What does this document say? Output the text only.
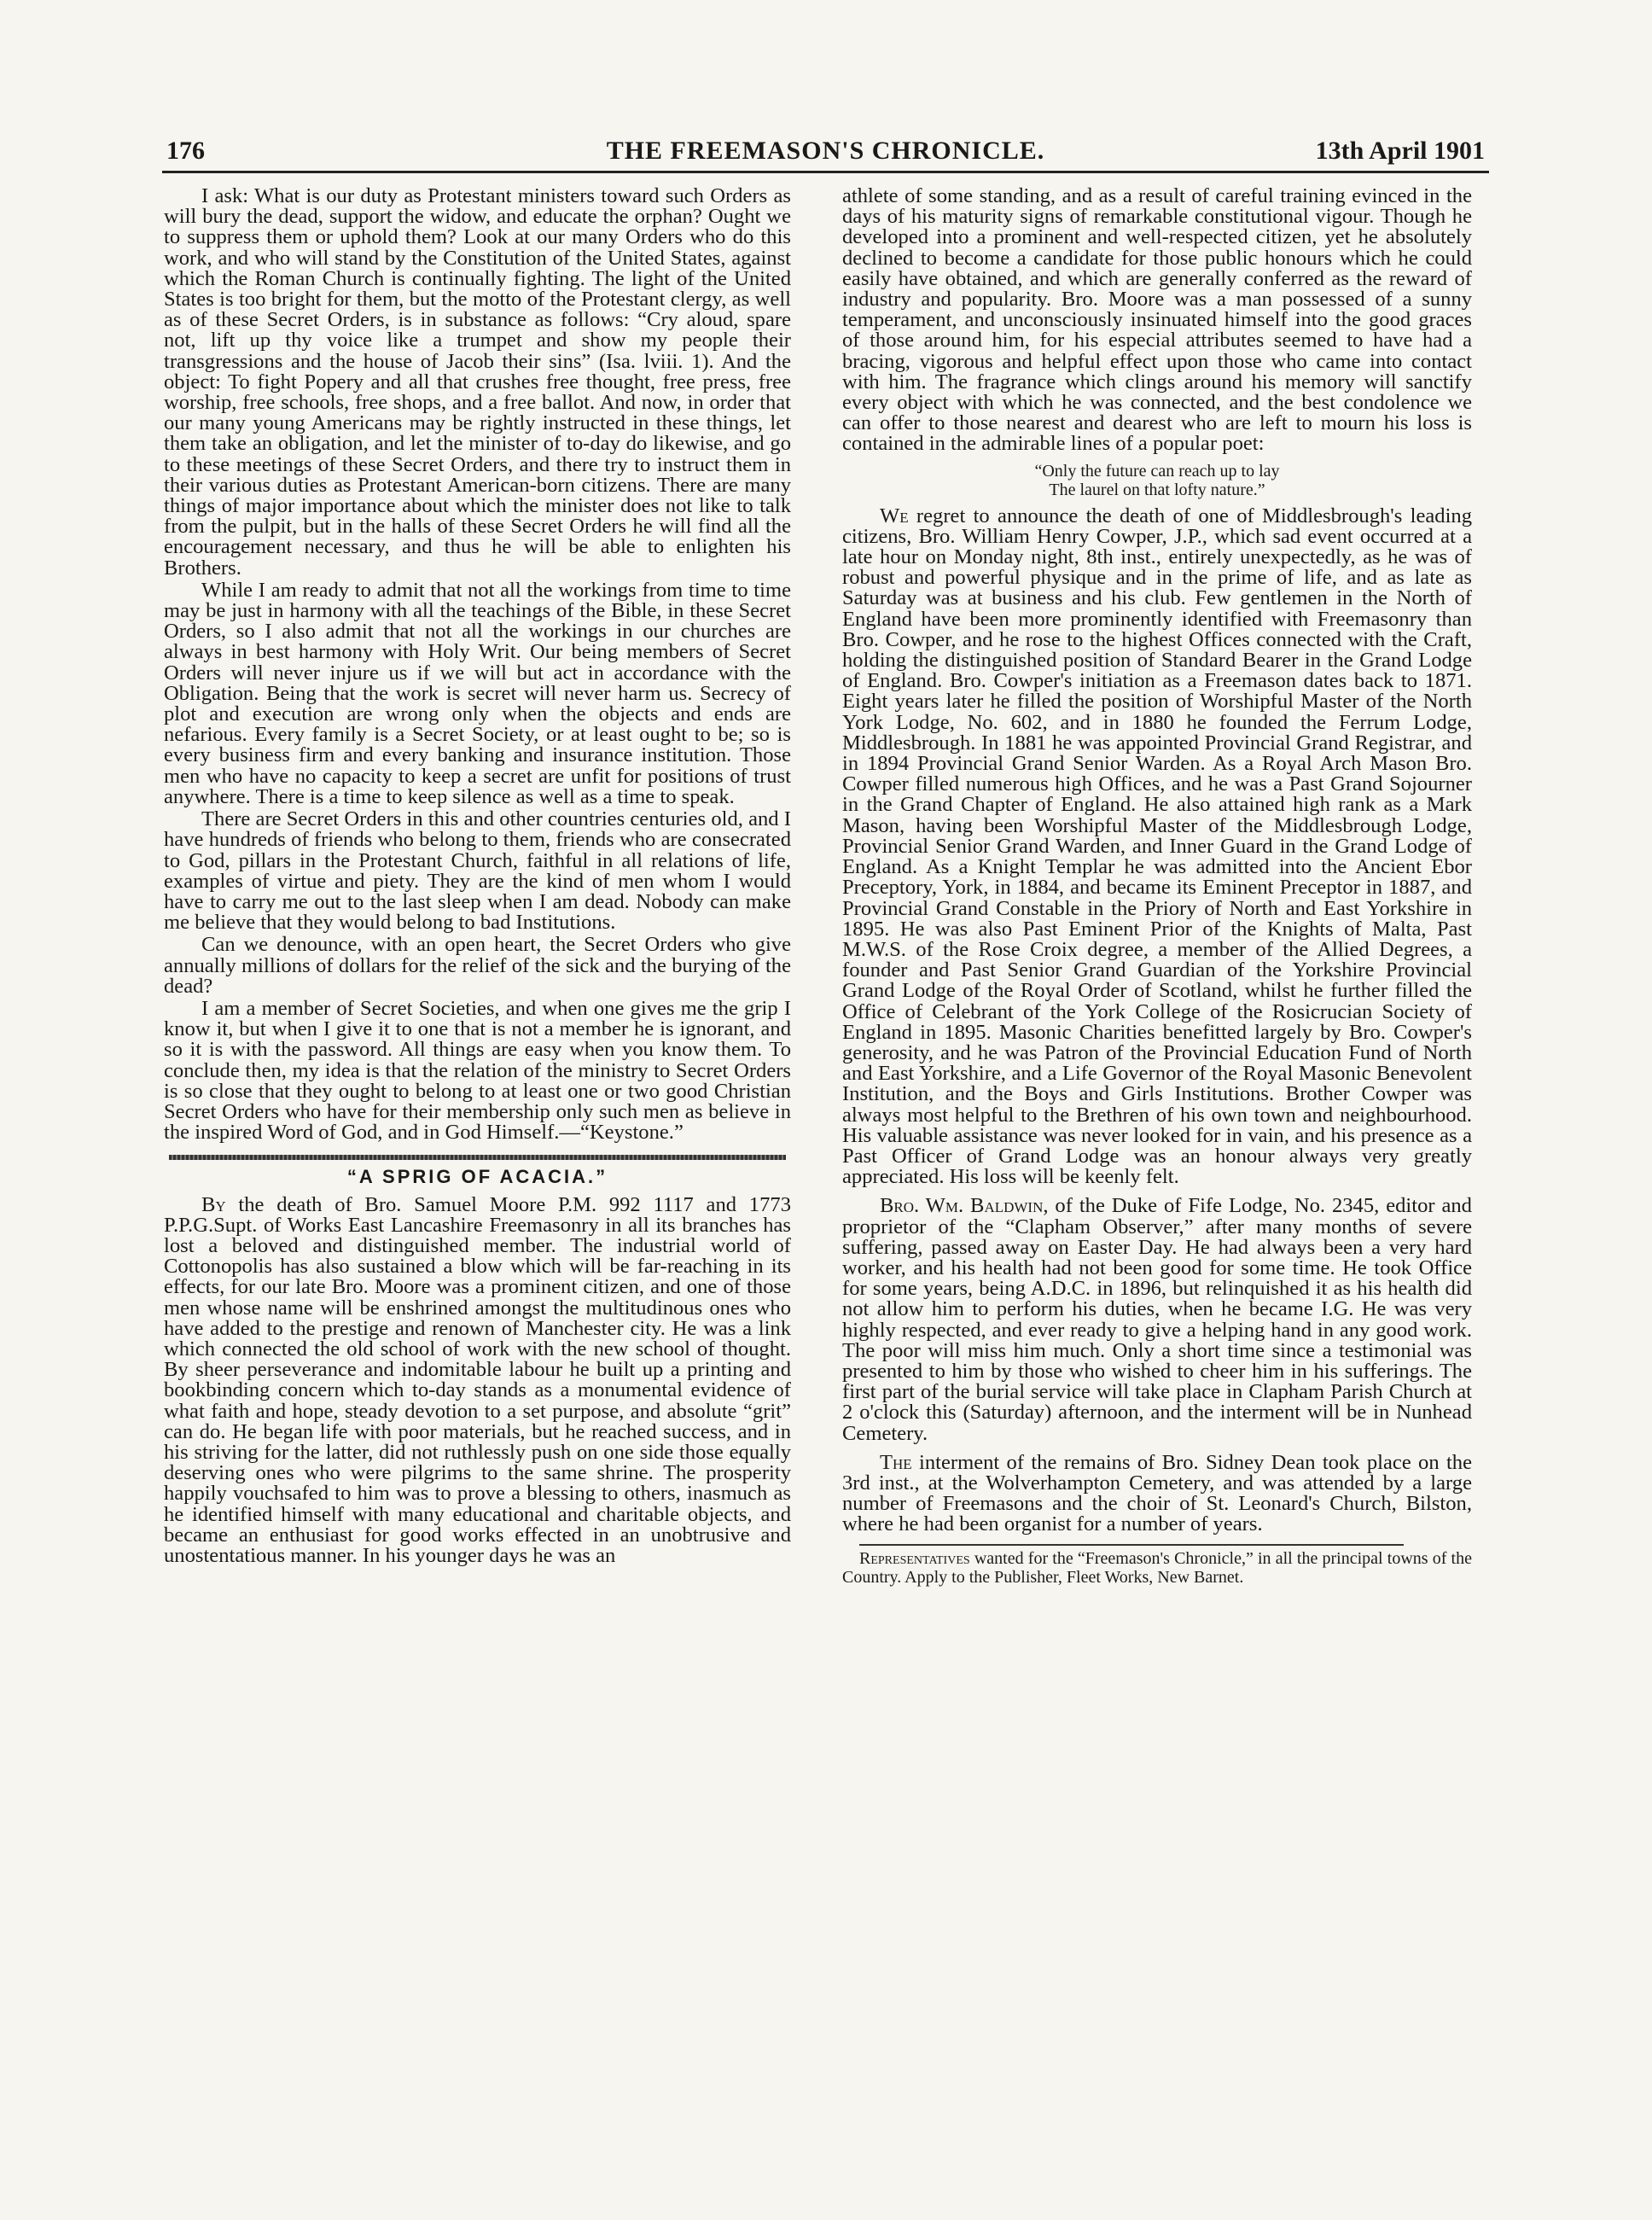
176	THE FREEMASON'S CHRONICLE.	13th April 1901

I ask: What is our duty as Protestant ministers toward such Orders as will bury the dead, support the widow, and educate the orphan? Ought we to suppress them or uphold them? Look at our many Orders who do this work, and who will stand by the Constitution of the United States, against which the Roman Church is continually fighting. The light of the United States is too bright for them, but the motto of the Protestant clergy, as well as of these Secret Orders, is in substance as follows: “Cry aloud, spare not, lift up thy voice like a trumpet and show my people their transgressions and the house of Jacob their sins” (Isa. lviii. 1). And the object: To fight Popery and all that crushes free thought, free press, free worship, free schools, free shops, and a free ballot. And now, in order that our many young Americans may be rightly instructed in these things, let them take an obligation, and let the minister of to-day do likewise, and go to these meetings of these Secret Orders, and there try to instruct them in their various duties as Protestant American-born citizens. There are many things of major importance about which the minister does not like to talk from the pulpit, but in the halls of these Secret Orders he will find all the encouragement necessary, and thus he will be able to enlighten his Brothers.

While I am ready to admit that not all the workings from time to time may be just in harmony with all the teachings of the Bible, in these Secret Orders, so I also admit that not all the workings in our churches are always in best harmony with Holy Writ. Our being members of Secret Orders will never injure us if we will but act in accordance with the Obligation. Being that the work is secret will never harm us. Secrecy of plot and execution are wrong only when the objects and ends are nefarious. Every family is a Secret Society, or at least ought to be; so is every business firm and every banking and insurance institution. Those men who have no capacity to keep a secret are unfit for positions of trust anywhere. There is a time to keep silence as well as a time to speak.

There are Secret Orders in this and other countries centuries old, and I have hundreds of friends who belong to them, friends who are consecrated to God, pillars in the Protestant Church, faithful in all relations of life, examples of virtue and piety. They are the kind of men whom I would have to carry me out to the last sleep when I am dead. Nobody can make me believe that they would belong to bad Institutions.

Can we denounce, with an open heart, the Secret Orders who give annually millions of dollars for the relief of the sick and the burying of the dead?

I am a member of Secret Societies, and when one gives me the grip I know it, but when I give it to one that is not a member he is ignorant, and so it is with the password. All things are easy when you know them. To conclude then, my idea is that the relation of the ministry to Secret Orders is so close that they ought to belong to at least one or two good Christian Secret Orders who have for their membership only such men as believe in the inspired Word of God, and in God Himself.—“Keystone.”

“A SPRIG OF ACACIA.”

By the death of Bro. Samuel Moore P.M. 992 1117 and 1773 P.P.G.Supt. of Works East Lancashire Freemasonry in all its branches has lost a beloved and distinguished member. The industrial world of Cottonopolis has also sustained a blow which will be far-reaching in its effects, for our late Bro. Moore was a prominent citizen, and one of those men whose name will be enshrined amongst the multitudinous ones who have added to the prestige and renown of Manchester city. He was a link which connected the old school of work with the new school of thought. By sheer perseverance and indomitable labour he built up a printing and bookbinding concern which to-day stands as a monumental evidence of what faith and hope, steady devotion to a set purpose, and absolute “grit” can do. He began life with poor materials, but he reached success, and in his striving for the latter, did not ruthlessly push on one side those equally deserving ones who were pilgrims to the same shrine. The prosperity happily vouchsafed to him was to prove a blessing to others, inasmuch as he identified himself with many educational and charitable objects, and became an enthusiast for good works effected in an unobtrusive and unostentatious manner. In his younger days he was an

athlete of some standing, and as a result of careful training evinced in the days of his maturity signs of remarkable constitutional vigour. Though he developed into a prominent and well-respected citizen, yet he absolutely declined to become a candidate for those public honours which he could easily have obtained, and which are generally conferred as the reward of industry and popularity. Bro. Moore was a man possessed of a sunny temperament, and unconsciously insinuated himself into the good graces of those around him, for his especial attributes seemed to have had a bracing, vigorous and helpful effect upon those who came into contact with him. The fragrance which clings around his memory will sanctify every object with which he was connected, and the best condolence we can offer to those nearest and dearest who are left to mourn his loss is contained in the admirable lines of a popular poet:

“Only the future can reach up to lay
The laurel on that lofty nature.”

We regret to announce the death of one of Middlesbrough's leading citizens, Bro. William Henry Cowper, J.P., which sad event occurred at a late hour on Monday night, 8th inst., entirely unexpectedly, as he was of robust and powerful physique and in the prime of life, and as late as Saturday was at business and his club. Few gentlemen in the North of England have been more prominently identified with Freemasonry than Bro. Cowper, and he rose to the highest Offices connected with the Craft, holding the distinguished position of Standard Bearer in the Grand Lodge of England. Bro. Cowper's initiation as a Freemason dates back to 1871. Eight years later he filled the position of Worshipful Master of the North York Lodge, No. 602, and in 1880 he founded the Ferrum Lodge, Middlesbrough. In 1881 he was appointed Provincial Grand Registrar, and in 1894 Provincial Grand Senior Warden. As a Royal Arch Mason Bro. Cowper filled numerous high Offices, and he was a Past Grand Sojourner in the Grand Chapter of England. He also attained high rank as a Mark Mason, having been Worshipful Master of the Middlesbrough Lodge, Provincial Senior Grand Warden, and Inner Guard in the Grand Lodge of England. As a Knight Templar he was admitted into the Ancient Ebor Preceptory, York, in 1884, and became its Eminent Preceptor in 1887, and Provincial Grand Constable in the Priory of North and East Yorkshire in 1895. He was also Past Eminent Prior of the Knights of Malta, Past M.W.S. of the Rose Croix degree, a member of the Allied Degrees, a founder and Past Senior Grand Guardian of the Yorkshire Provincial Grand Lodge of the Royal Order of Scotland, whilst he further filled the Office of Celebrant of the York College of the Rosicrucian Society of England in 1895. Masonic Charities benefitted largely by Bro. Cowper's generosity, and he was Patron of the Provincial Education Fund of North and East Yorkshire, and a Life Governor of the Royal Masonic Benevolent Institution, and the Boys and Girls Institutions. Brother Cowper was always most helpful to the Brethren of his own town and neighbourhood. His valuable assistance was never looked for in vain, and his presence as a Past Officer of Grand Lodge was an honour always very greatly appreciated. His loss will be keenly felt.

Bro. Wm. Baldwin, of the Duke of Fife Lodge, No. 2345, editor and proprietor of the “Clapham Observer,” after many months of severe suffering, passed away on Easter Day. He had always been a very hard worker, and his health had not been good for some time. He took Office for some years, being A.D.C. in 1896, but relinquished it as his health did not allow him to perform his duties, when he became I.G. He was very highly respected, and ever ready to give a helping hand in any good work. The poor will miss him much. Only a short time since a testimonial was presented to him by those who wished to cheer him in his sufferings. The first part of the burial service will take place in Clapham Parish Church at 2 o'clock this (Saturday) afternoon, and the interment will be in Nunhead Cemetery.

The interment of the remains of Bro. Sidney Dean took place on the 3rd inst., at the Wolverhampton Cemetery, and was attended by a large number of Freemasons and the choir of St. Leonard's Church, Bilston, where he had been organist for a number of years.

Representatives wanted for the “Freemason's Chronicle,” in all the principal towns of the Country. Apply to the Publisher, Fleet Works, New Barnet.
